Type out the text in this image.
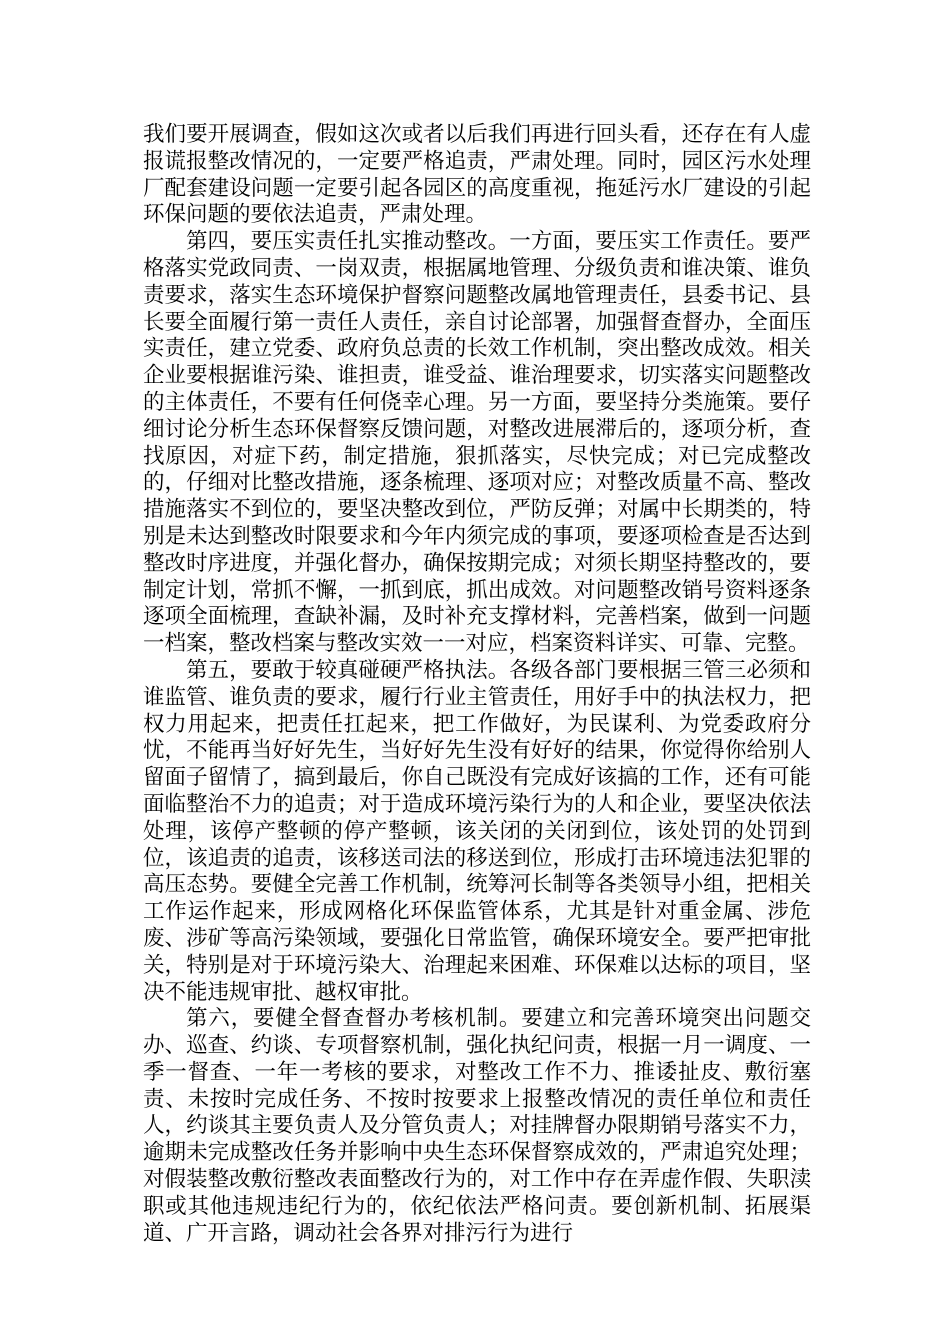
我们要开展调查，假如这次或者以后我们再进行回头看，还存在有人虚报谎报整改情况的，一定要严格追责，严肃处理。同时，园区污水处理厂配套建设问题一定要引起各园区的高度重视，拖延污水厂建设的引起环保问题的要依法追责，严肃处理。

第四，要压实责任扎实推动整改。一方面，要压实工作责任。要严格落实党政同责、一岗双责，根据属地管理、分级负责和谁决策、谁负责要求，落实生态环境保护督察问题整改属地管理责任，县委书记、县长要全面履行第一责任人责任，亲自讨论部署，加强督查督办，全面压实责任，建立党委、政府负总责的长效工作机制，突出整改成效。相关企业要根据谁污染、谁担责，谁受益、谁治理要求，切实落实问题整改的主体责任，不要有任何侥幸心理。另一方面，要坚持分类施策。要仔细讨论分析生态环保督察反馈问题，对整改进展滞后的，逐项分析，查找原因，对症下药，制定措施，狠抓落实，尽快完成；对已完成整改的，仔细对比整改措施，逐条梳理、逐项对应；对整改质量不高、整改措施落实不到位的，要坚决整改到位，严防反弹；对属中长期类的，特别是未达到整改时限要求和今年内须完成的事项，要逐项检查是否达到整改时序进度，并强化督办，确保按期完成；对须长期坚持整改的，要制定计划，常抓不懈，一抓到底，抓出成效。对问题整改销号资料逐条逐项全面梳理，查缺补漏，及时补充支撑材料，完善档案，做到一问题一档案，整改档案与整改实效一一对应，档案资料详实、可靠、完整。

第五，要敢于较真碰硬严格执法。各级各部门要根据三管三必须和谁监管、谁负责的要求，履行行业主管责任，用好手中的执法权力，把权力用起来，把责任扛起来，把工作做好，为民谋利、为党委政府分忧，不能再当好好先生，当好好先生没有好好的结果，你觉得你给别人留面子留情了，搞到最后，你自己既没有完成好该搞的工作，还有可能面临整治不力的追责；对于造成环境污染行为的人和企业，要坚决依法处理，该停产整顿的停产整顿，该关闭的关闭到位，该处罚的处罚到位，该追责的追责，该移送司法的移送到位，形成打击环境违法犯罪的高压态势。要健全完善工作机制，统筹河长制等各类领导小组，把相关工作运作起来，形成网格化环保监管体系，尤其是针对重金属、涉危废、涉矿等高污染领域，要强化日常监管，确保环境安全。要严把审批关，特别是对于环境污染大、治理起来困难、环保难以达标的项目，坚决不能违规审批、越权审批。

第六，要健全督查督办考核机制。要建立和完善环境突出问题交办、巡查、约谈、专项督察机制，强化执纪问责，根据一月一调度、一季一督查、一年一考核的要求，对整改工作不力、推诿扯皮、敷衍塞责、未按时完成任务、不按时按要求上报整改情况的责任单位和责任人，约谈其主要负责人及分管负责人；对挂牌督办限期销号落实不力，逾期未完成整改任务并影响中央生态环保督察成效的，严肃追究处理；对假装整改敷衍整改表面整改行为的，对工作中存在弄虚作假、失职渎职或其他违规违纪行为的，依纪依法严格问责。要创新机制、拓展渠道、广开言路，调动社会各界对排污行为进行
